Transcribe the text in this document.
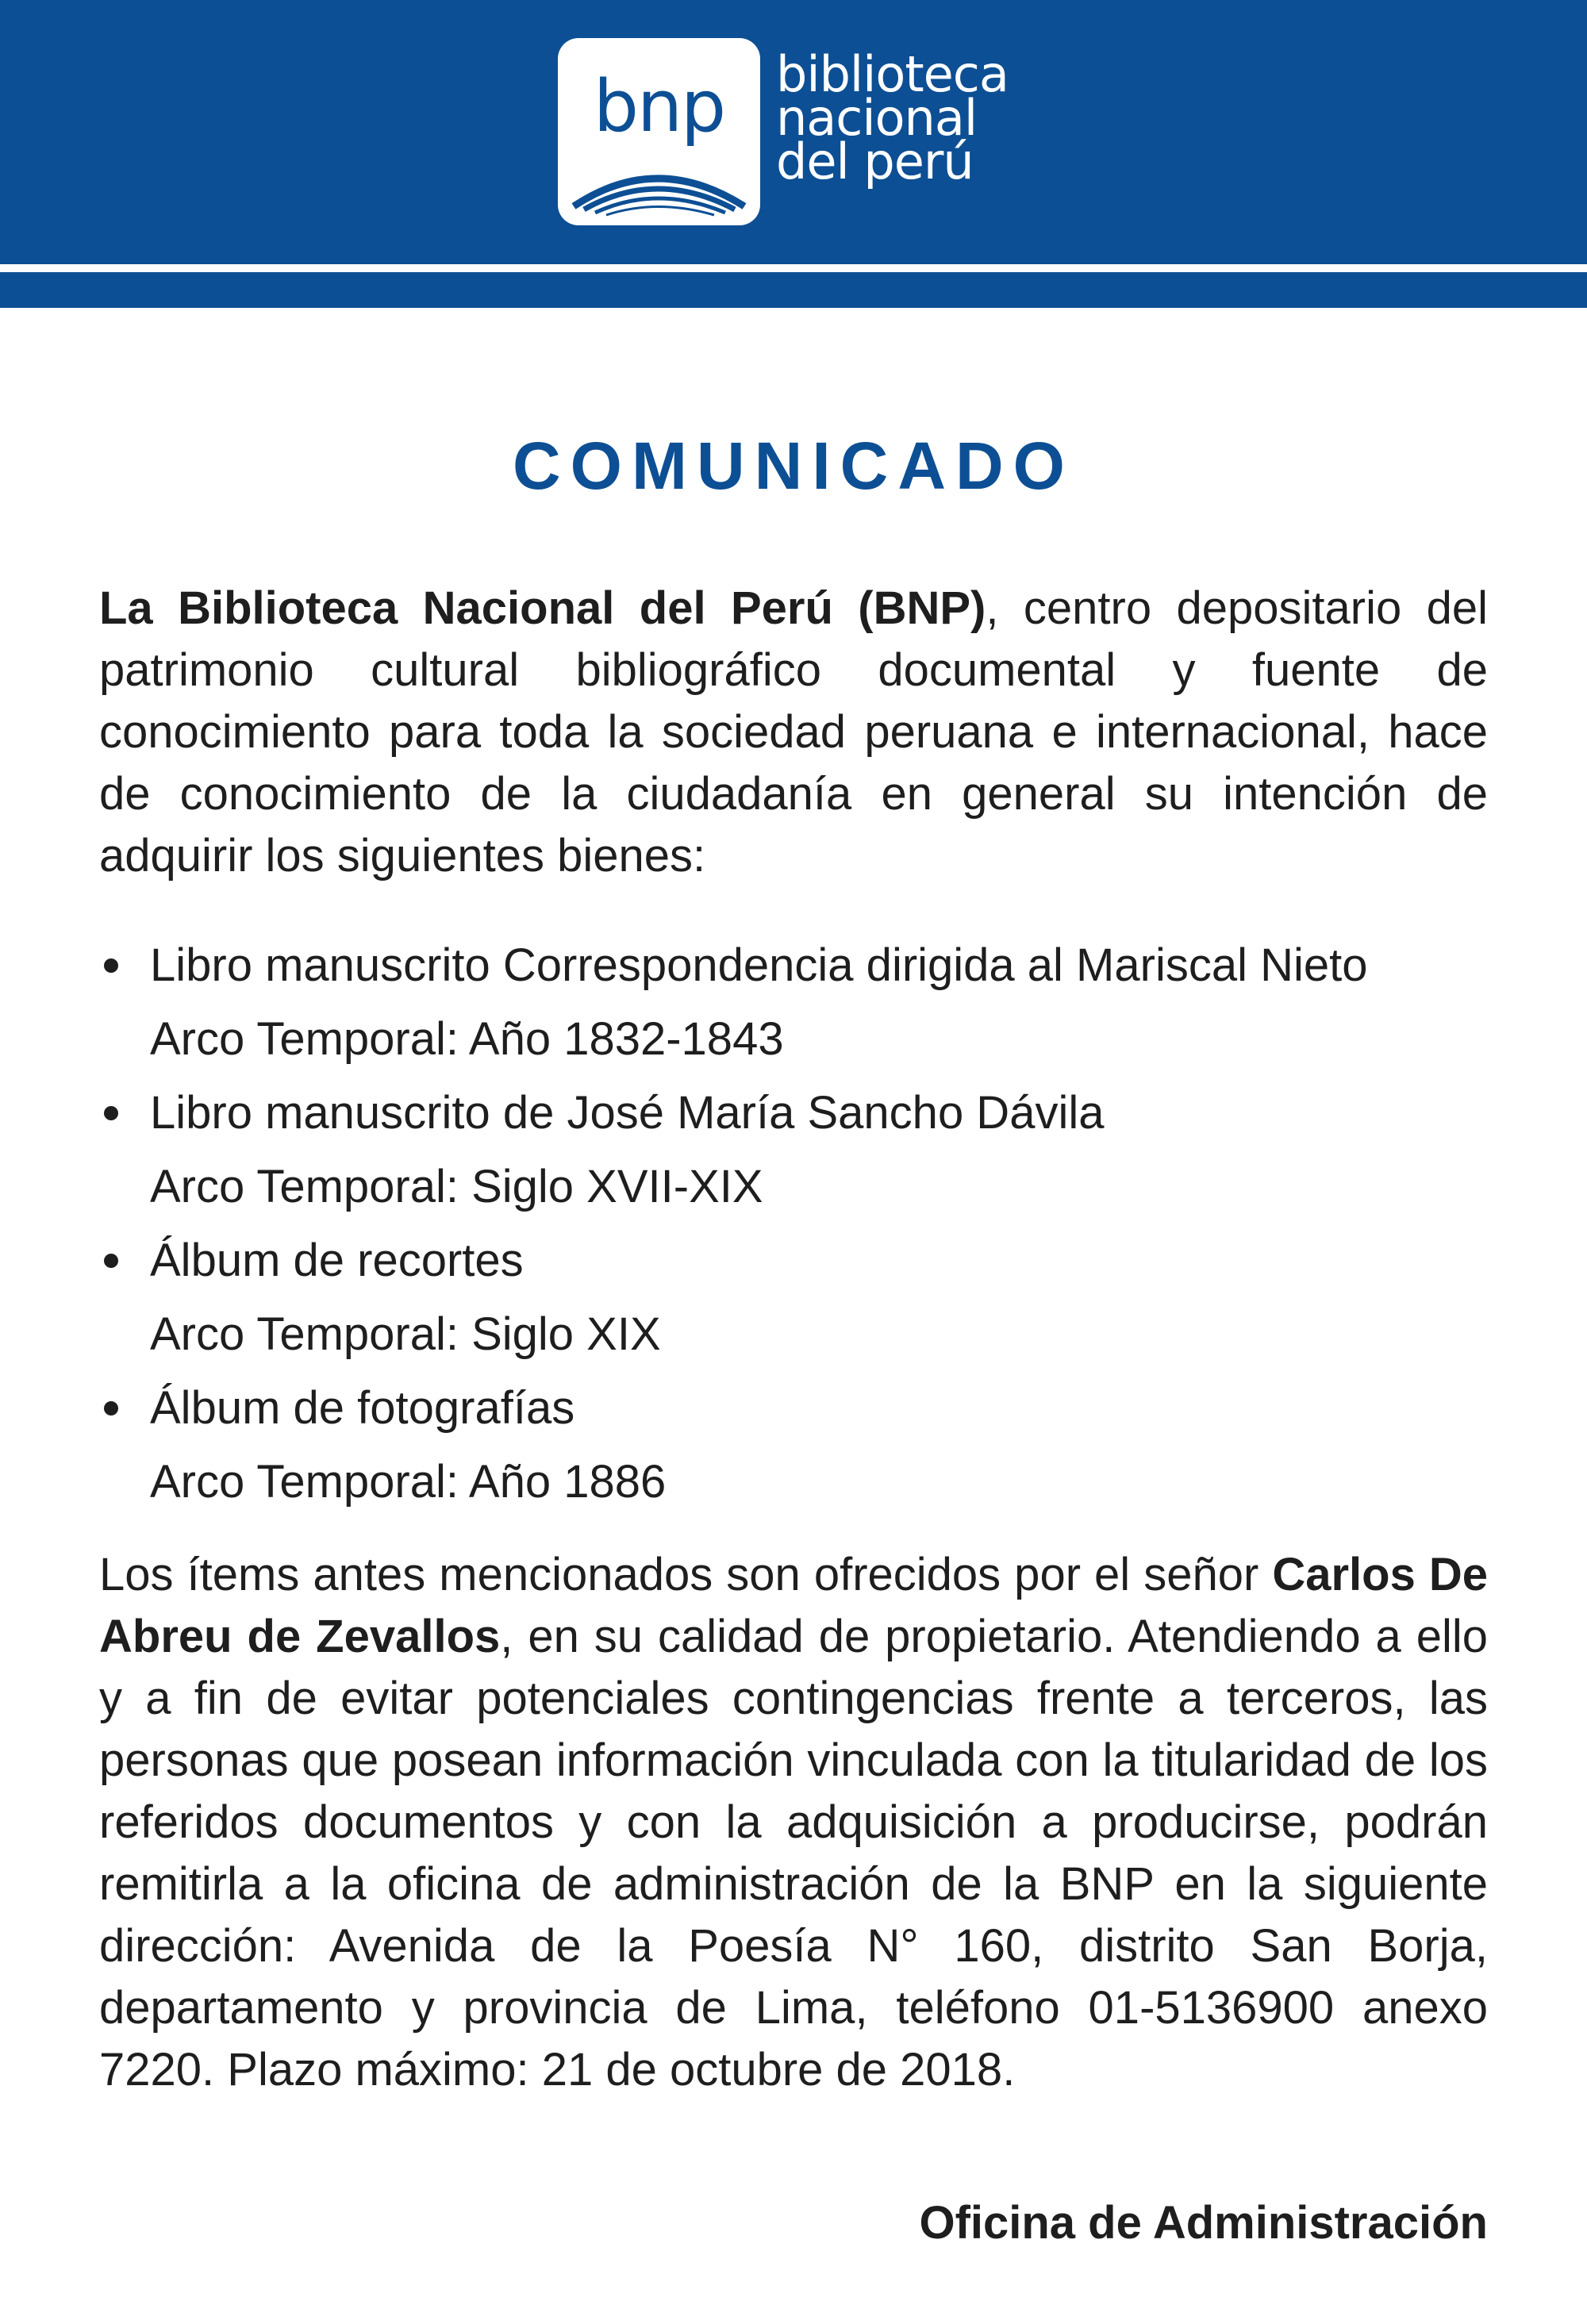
bnp	biblioteca
nacional
del perú
COMUNICADO

La Biblioteca Nacional del Perú (BNP), centro depositario del patrimonio cultural bibliográfico documental y fuente de conocimiento para toda la sociedad peruana e internacional, hace de conocimiento de la ciudadanía en general su intención de adquirir los siguientes bienes:

Libro manuscrito Correspondencia dirigida al Mariscal Nieto
Arco Temporal: Año 1832-1843
Libro manuscrito de José María Sancho Dávila
Arco Temporal: Siglo XVII-XIX
Álbum de recortes
Arco Temporal: Siglo XIX
Álbum de fotografías
Arco Temporal: Año 1886

Los ítems antes mencionados son ofrecidos por el señor Carlos De Abreu de Zevallos, en su calidad de propietario. Atendiendo a ello y a fin de evitar potenciales contingencias frente a terceros, las personas que posean información vinculada con la titularidad de los referidos documentos y con la adquisición a producirse, podrán remitirla a la oficina de administración de la BNP en la siguiente dirección: Avenida de la Poesía N° 160, distrito San Borja, departamento y provincia de Lima, teléfono 01-5136900 anexo 7220. Plazo máximo: 21 de octubre de 2018.

Oficina de Administración
